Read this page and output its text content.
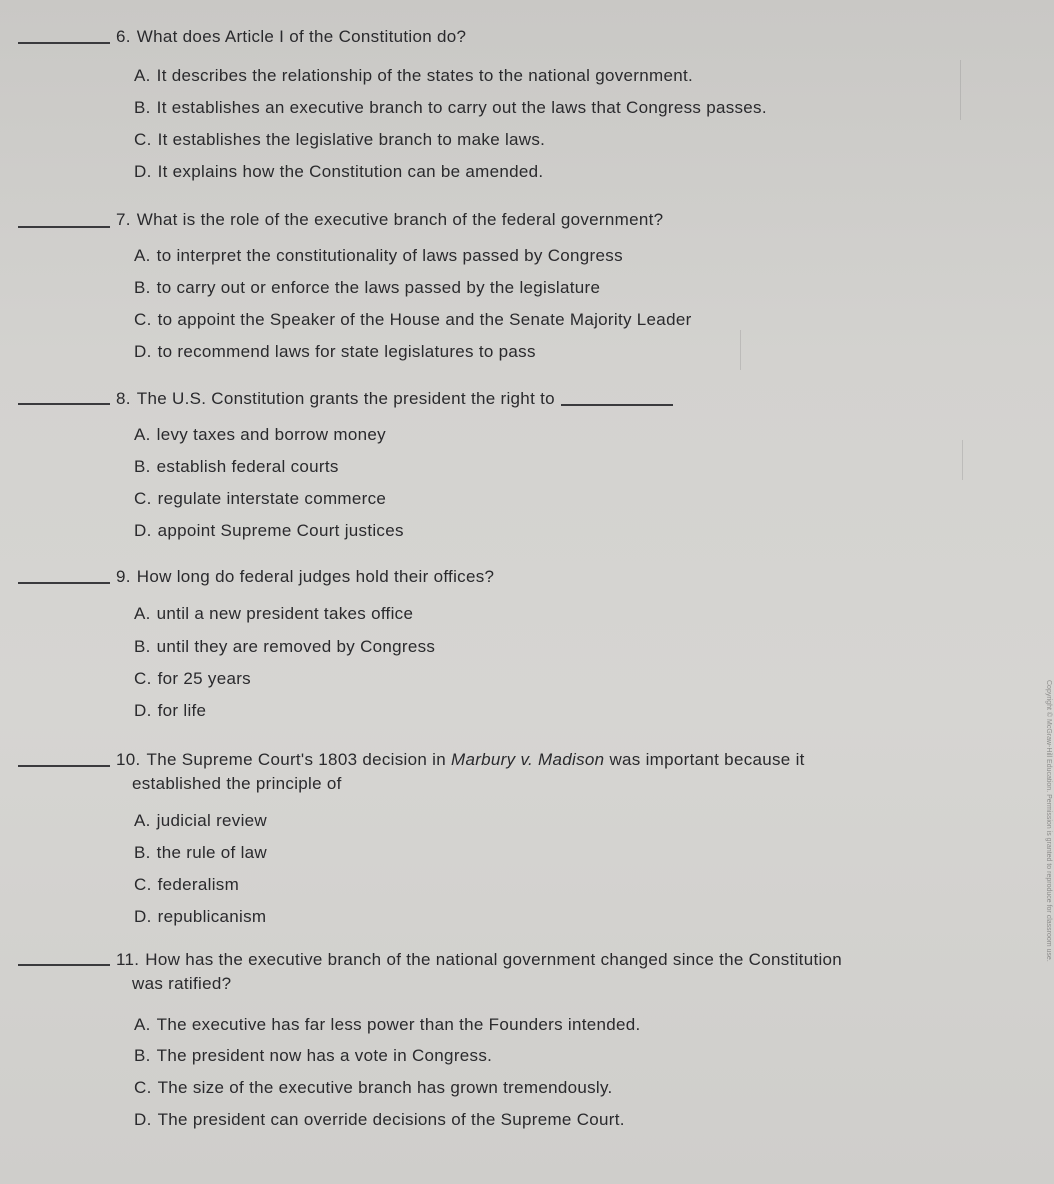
6. What does Article I of the Constitution do?
A. It describes the relationship of the states to the national government.
B. It establishes an executive branch to carry out the laws that Congress passes.
C. It establishes the legislative branch to make laws.
D. It explains how the Constitution can be amended.
7. What is the role of the executive branch of the federal government?
A. to interpret the constitutionality of laws passed by Congress
B. to carry out or enforce the laws passed by the legislature
C. to appoint the Speaker of the House and the Senate Majority Leader
D. to recommend laws for state legislatures to pass
8. The U.S. Constitution grants the president the right to
A. levy taxes and borrow money
B. establish federal courts
C. regulate interstate commerce
D. appoint Supreme Court justices
9. How long do federal judges hold their offices?
A. until a new president takes office
B. until they are removed by Congress
C. for 25 years
D. for life
10. The Supreme Court's 1803 decision in Marbury v. Madison was important because it
established the principle of
A. judicial review
B. the rule of law
C. federalism
D. republicanism
11. How has the executive branch of the national government changed since the Constitution
was ratified?
A. The executive has far less power than the Founders intended.
B. The president now has a vote in Congress.
C. The size of the executive branch has grown tremendously.
D. The president can override decisions of the Supreme Court.
Copyright © McGraw-Hill Education. Permission is granted to reproduce for classroom use.
